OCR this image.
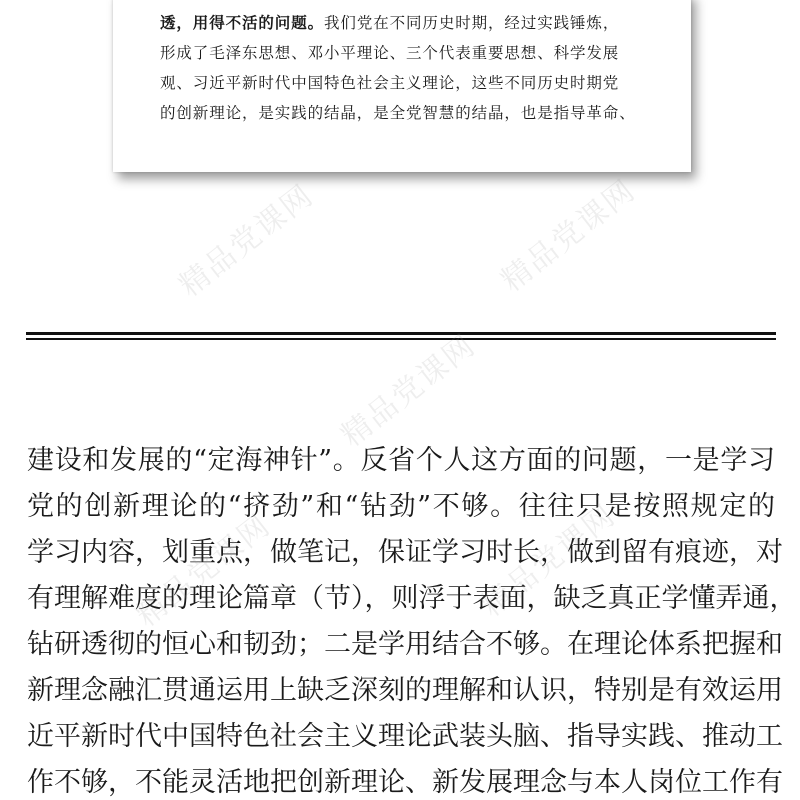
透，用得不活的问题。我们党在不同历史时期，经过实践锤炼，
形成了毛泽东思想、邓小平理论、三个代表重要思想、科学发展
观、习近平新时代中国特色社会主义理论，这些不同历史时期党
的创新理论，是实践的结晶，是全党智慧的结晶，也是指导革命、
建设和发展的“定海神针”。反省个人这方面的问题，一是学习
党的创新理论的“挤劲”和“钻劲”不够。往往只是按照规定的
学习内容，划重点，做笔记，保证学习时长，做到留有痕迹，对
有理解难度的理论篇章（节），则浮于表面，缺乏真正学懂弄通，
钻研透彻的恒心和韧劲；二是学用结合不够。在理论体系把握和
新理念融汇贯通运用上缺乏深刻的理解和认识，特别是有效运用
近平新时代中国特色社会主义理论武装头脑、指导实践、推动工
作不够，不能灵活地把创新理论、新发展理念与本人岗位工作有
精品党课网	精品党课网
精品党课网
精品党课网	精品党课网
